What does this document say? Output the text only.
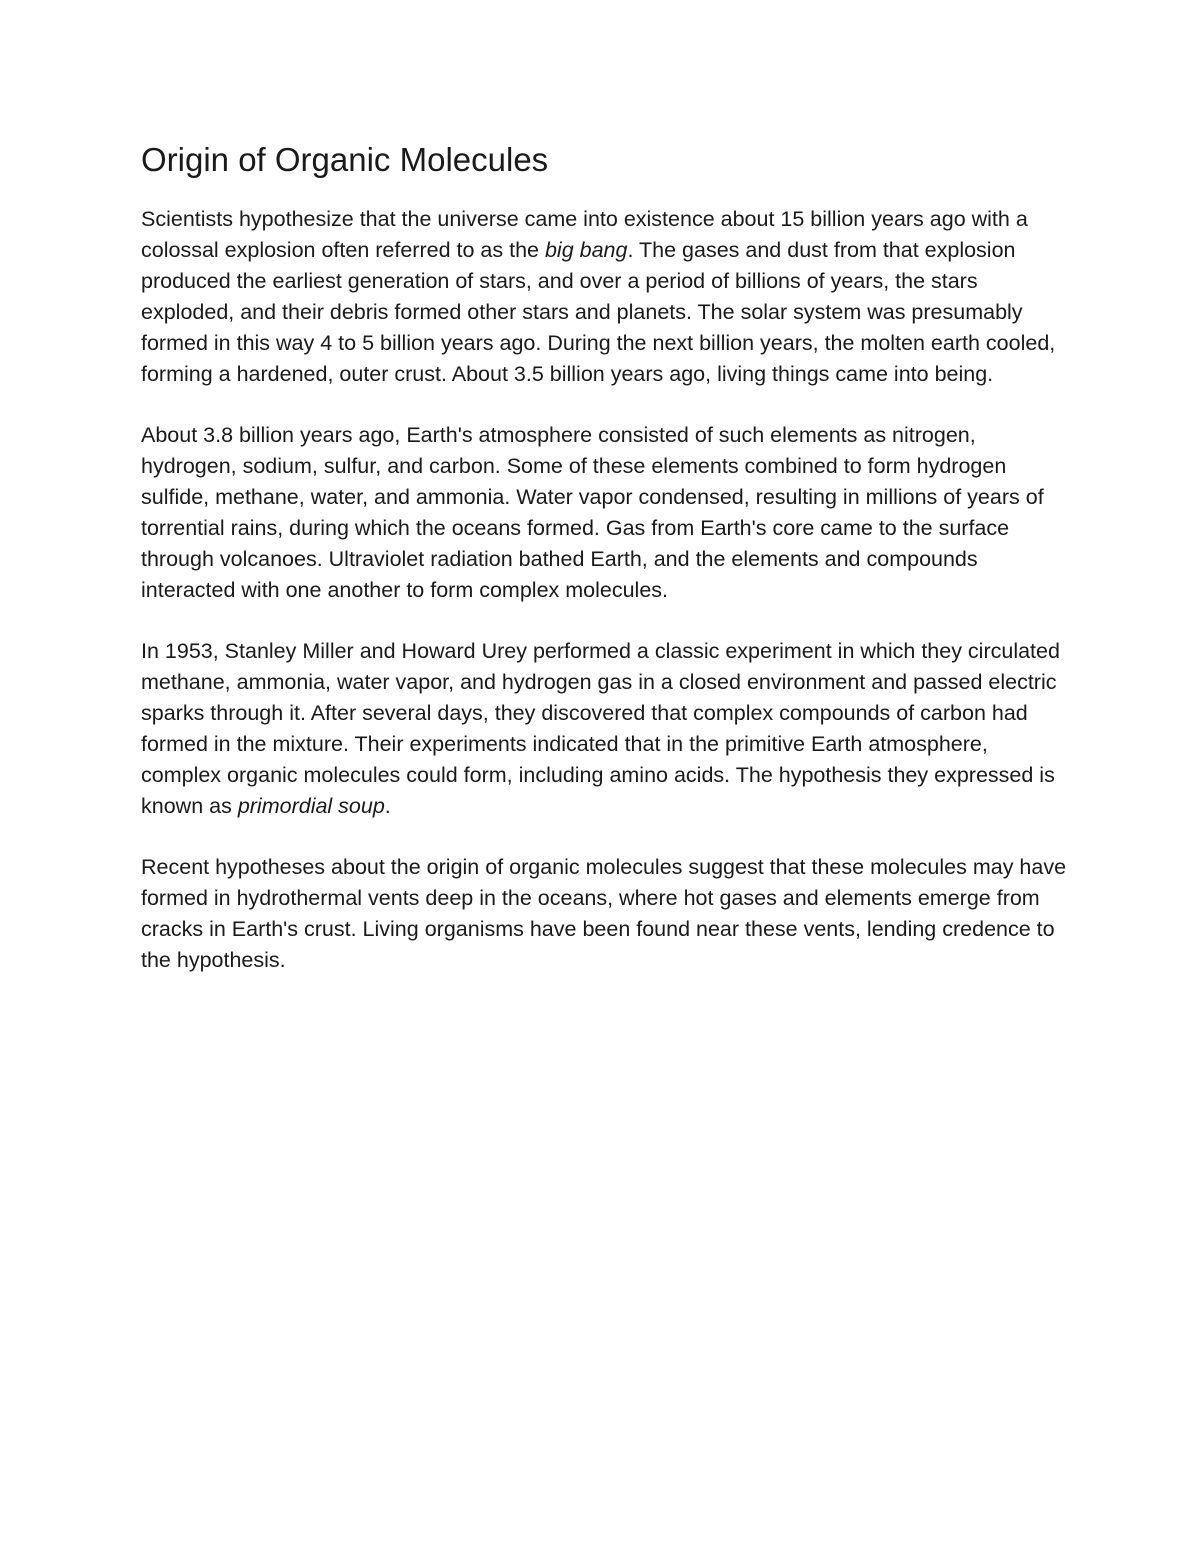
Origin of Organic Molecules

Scientists hypothesize that the universe came into existence about 15 billion years ago with a colossal explosion often referred to as the big bang. The gases and dust from that explosion produced the earliest generation of stars, and over a period of billions of years, the stars exploded, and their debris formed other stars and planets. The solar system was presumably formed in this way 4 to 5 billion years ago. During the next billion years, the molten earth cooled, forming a hardened, outer crust. About 3.5 billion years ago, living things came into being.

About 3.8 billion years ago, Earth's atmosphere consisted of such elements as nitrogen, hydrogen, sodium, sulfur, and carbon. Some of these elements combined to form hydrogen sulfide, methane, water, and ammonia. Water vapor condensed, resulting in millions of years of torrential rains, during which the oceans formed. Gas from Earth's core came to the surface through volcanoes. Ultraviolet radiation bathed Earth, and the elements and compounds interacted with one another to form complex molecules.

In 1953, Stanley Miller and Howard Urey performed a classic experiment in which they circulated methane, ammonia, water vapor, and hydrogen gas in a closed environment and passed electric sparks through it. After several days, they discovered that complex compounds of carbon had formed in the mixture. Their experiments indicated that in the primitive Earth atmosphere, complex organic molecules could form, including amino acids. The hypothesis they expressed is known as primordial soup.

Recent hypotheses about the origin of organic molecules suggest that these molecules may have formed in hydrothermal vents deep in the oceans, where hot gases and elements emerge from cracks in Earth's crust. Living organisms have been found near these vents, lending credence to the hypothesis.
